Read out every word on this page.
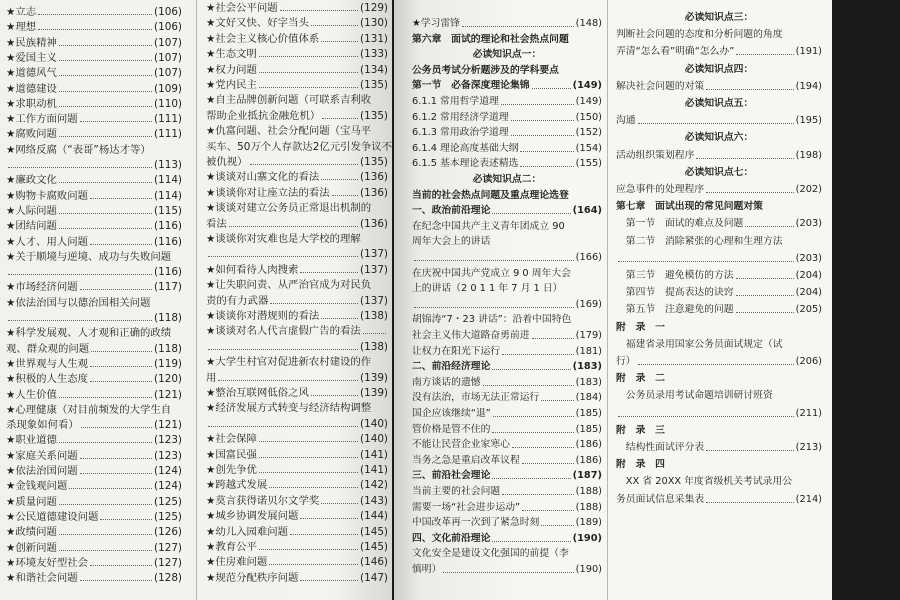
★立志	(106)
★理想	(106)
★民族精神	(107)
★爱国主义	(107)
★道德风气	(107)
★道德建设	(109)
★求职动机	(110)
★工作方面问题	(111)
★腐败问题	(111)
★网络反腐（“表哥”杨达才等）
(113)
★廉政文化	(114)
★购物卡腐败问题	(114)
★人际问题	(115)
★团结问题	(116)
★人才、用人问题	(116)
★关于顺境与逆境、成功与失败问题
(116)
★市场经济问题	(117)
★依法治国与以德治国相关问题
(118)
★科学发展观、人才观和正确的政绩
观、群众观的问题	(118)
★世界观与人生观	(119)
★积极的人生态度	(120)
★人生价值	(121)
★心理健康（对目前频发的大学生自
杀现象如何看）	(121)
★职业道德	(123)
★家庭关系问题	(123)
★依法治国问题	(124)
★金钱观问题	(124)
★质量问题	(125)
★公民道德建设问题	(125)
★政绩问题	(126)
★创新问题	(127)
★环境友好型社会	(127)
★和谐社会问题	(128)
★社会公平问题	(129)
★文好又快、好字当头	(130)
★社会主义核心价值体系	(131)
★生态文明	(133)
★权力问题	(134)
★党内民主	(135)
★自主品牌创新问题（可联系吉利收
帮助企业抵抗金融危机）	(135)
★仇富问题、社会分配问题（宝马平
买车、50万个人存款达2亿元引发争议不
被仇视）	(135)
★谈谈对山寨文化的看法	(136)
★谈谈你对让座立法的看法	(136)
★谈谈对建立公务员正常退出机制的
看法	(136)
★谈谈你对灾难也是大学校的理解
(137)
★如何看待人肉搜索	(137)
★让失职问责、从严治官成为对民负
责的有力武器	(137)
★谈谈你对潜规则的看法	(138)
★谈谈对名人代言虚假广告的看法
(138)
★大学生村官对促进新农村建设的作
用	(139)
★整治互联网低俗之风	(139)
★经济发展方式转变与经济结构调整
(140)
★社会保障	(140)
★国富民强	(141)
★创先争优	(141)
★跨越式发展	(142)
★莫言获得诺贝尔文学奖	(143)
★城乡协调发展问题	(144)
★幼儿入园难问题	(145)
★教育公平	(145)
★住房难问题	(146)
★规范分配秩序问题	(147)
★学习雷锋	(148)
第六章　面试的理论和社会热点问题
必读知识点一：
公务员考试分析题涉及的学科要点
第一节　必备深度理论集锦	(149)
6.1.1 常用哲学道理	(149)
6.1.2 常用经济学道理	(150)
6.1.3 常用政治学道理	(152)
6.1.4 理论高度基础大纲	(154)
6.1.5 基本理论表述精选	(155)
必读知识点二：
当前的社会热点问题及重点理论选登
一、政治前沿理论	(164)
在纪念中国共产主义青年团成立 90
周年大会上的讲话
(166)
在庆祝中国共产党成立 9 0 周年大会
上的讲话（2 0 1 1 年 7 月 1 日）
(169)
胡锦涛“7・23 讲话”：沿着中国特色
社会主义伟大道路奋勇前进	(179)
让权力在阳光下运行	(181)
二、前沿经济理论	(183)
南方谈话的遗憾	(183)
没有法治，市场无法正常运行	(184)
国企应该继续“退”	(185)
管价格是管不住的	(185)
不能让民营企业家寒心	(186)
当务之急是重启改革议程	(186)
三、前沿社会理论	(187)
当前主要的社会问题	(188)
需要一场“社会进步运动”	(188)
中国改革再一次到了紧急时刻	(189)
四、文化前沿理论	(190)
文化安全是建设文化强国的前提（李
慎明）	(190)
必读知识点三：
判断社会问题的态度和分析问题的角度
弄清“怎么看”明确“怎么办”	(191)
必读知识点四：
解决社会问题的对策	(194)
必读知识点五：
沟通	(195)
必读知识点六：
活动组织策划程序	(198)
必读知识点七：
应急事件的处理程序	(202)
第七章　面试出现的常见问题对策
　第一节　面试的难点及问题	(203)
　第二节　消除紧张的心理和生理方法
(203)
　第三节　避免模仿的方法	(204)
　第四节　提高表达的诀窍	(204)
　第五节　注意避免的问题	(205)
附　录　一
　福建省录用国家公务员面试规定（试
行）	(206)
附　录　二
　公务员录用考试命题培训研讨班资
(211)
附　录　三
　结构性面试评分表	(213)
附　录　四
　XX 省 20XX 年度省级机关考试录用公
务员面试信息采集表	(214)
